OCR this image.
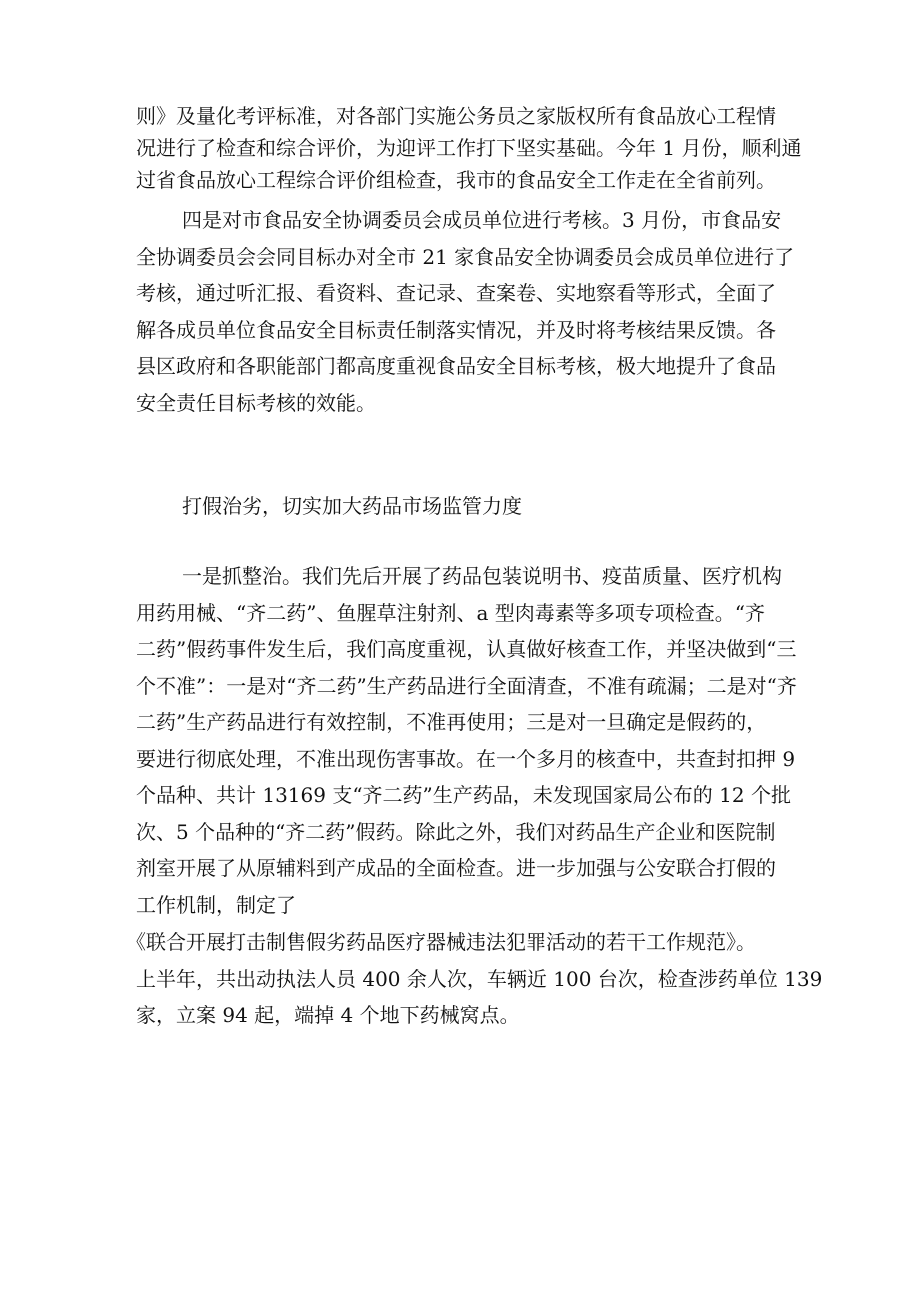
则》及量化考评标准，对各部门实施公务员之家版权所有食品放心工程情

况进行了检查和综合评价，为迎评工作打下坚实基础。今年 1 月份，顺利通

过省食品放心工程综合评价组检查，我市的食品安全工作走在全省前列。

四是对市食品安全协调委员会成员单位进行考核。3 月份，市食品安

全协调委员会会同目标办对全市 21 家食品安全协调委员会成员单位进行了

考核，通过听汇报、看资料、查记录、查案卷、实地察看等形式，全面了

解各成员单位食品安全目标责任制落实情况，并及时将考核结果反馈。各

县区政府和各职能部门都高度重视食品安全目标考核，极大地提升了食品

安全责任目标考核的效能。

打假治劣，切实加大药品市场监管力度

一是抓整治。我们先后开展了药品包装说明书、疫苗质量、医疗机构

用药用械、“齐二药”、鱼腥草注射剂、a 型肉毒素等多项专项检查。“齐

二药”假药事件发生后，我们高度重视，认真做好核查工作，并坚决做到“三

个不准”：一是对“齐二药”生产药品进行全面清查，不准有疏漏；二是对“齐

二药”生产药品进行有效控制，不准再使用；三是对一旦确定是假药的，

要进行彻底处理，不准出现伤害事故。在一个多月的核查中，共查封扣押 9

个品种、共计 13169 支“齐二药”生产药品，未发现国家局公布的 12 个批

次、5 个品种的“齐二药”假药。除此之外，我们对药品生产企业和医院制

剂室开展了从原辅料到产成品的全面检查。进一步加强与公安联合打假的

工作机制，制定了

《联合开展打击制售假劣药品医疗器械违法犯罪活动的若干工作规范》。

上半年，共出动执法人员 400 余人次，车辆近 100 台次，检查涉药单位 139

家，立案 94 起，端掉 4 个地下药械窝点。
